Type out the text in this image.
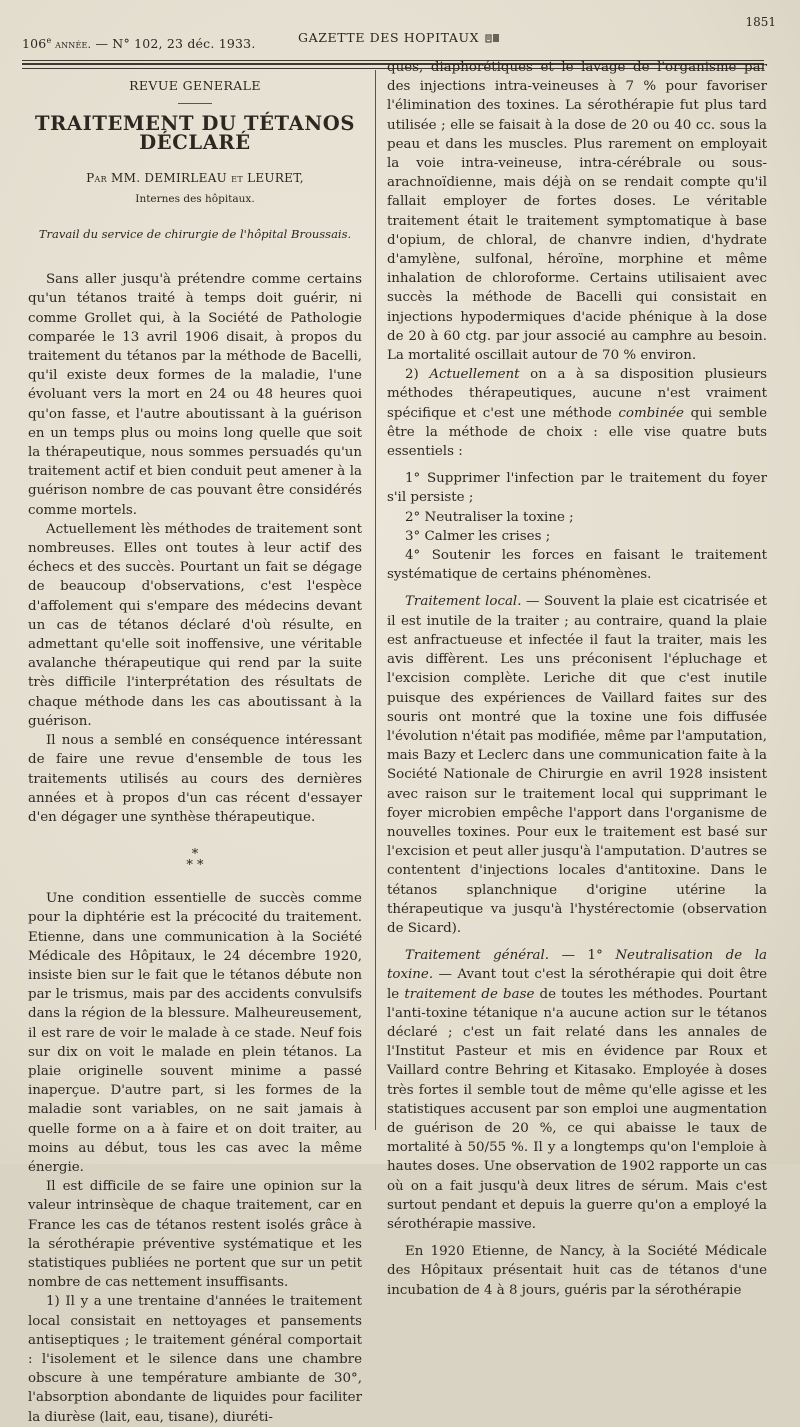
106e année. — N° 102, 23 déc. 1933.	GAZETTE DES HOPITAUX
1851
REVUE GENERALE
TRAITEMENT DU TÉTANOS DÉCLARÉ
Par MM. DEMIRLEAU et LEURET,
Internes des hôpitaux.
Travail du service de chirurgie de l'hôpital Broussais.

Sans aller jusqu'à prétendre comme certains qu'un tétanos traité à temps doit guérir, ni comme Grollet qui, à la Société de Pathologie comparée le 13 avril 1906 disait, à propos du traitement du tétanos par la méthode de Bacelli, qu'il existe deux formes de la maladie, l'une évoluant vers la mort en 24 ou 48 heures quoi qu'on fasse, et l'autre aboutissant à la guérison en un temps plus ou moins long quelle que soit la thérapeutique, nous sommes persuadés qu'un traitement actif et bien conduit peut amener à la guérison nombre de cas pouvant être considérés comme mortels.

Actuellement lès méthodes de traitement sont nombreuses. Elles ont toutes à leur actif des échecs et des succès. Pourtant un fait se dégage de beaucoup d'observations, c'est l'espèce d'affolement qui s'empare des médecins devant un cas de tétanos déclaré d'où résulte, en admettant qu'elle soit inoffensive, une véritable avalanche thérapeutique qui rend par la suite très difficile l'interprétation des résultats de chaque méthode dans les cas aboutissant à la guérison.

Il nous a semblé en conséquence intéressant de faire une revue d'ensemble de tous les traitements utilisés au cours des dernières années et à propos d'un cas récent d'essayer d'en dégager une synthèse thérapeutique.

*
* *

Une condition essentielle de succès comme pour la diphtérie est la précocité du traitement. Etienne, dans une communication à la Société Médicale des Hôpitaux, le 24 décembre 1920, insiste bien sur le fait que le tétanos débute non par le trismus, mais par des accidents convulsifs dans la région de la blessure. Malheureusement, il est rare de voir le malade à ce stade. Neuf fois sur dix on voit le malade en plein tétanos. La plaie originelle souvent minime a passé inaperçue. D'autre part, si les formes de la maladie sont variables, on ne sait jamais à quelle forme on a à faire et on doit traiter, au moins au début, tous les cas avec la même énergie.

Il est difficile de se faire une opinion sur la valeur intrinsèque de chaque traitement, car en France les cas de tétanos restent isolés grâce à la sérothérapie préventive systématique et les statistiques publiées ne portent que sur un petit nombre de cas nettement insuffisants.

1) Il y a une trentaine d'années le traitement local consistait en nettoyages et pansements antiseptiques ; le traitement général comportait : l'isolement et le silence dans une chambre obscure à une température ambiante de 30°, l'absorption abondante de liquides pour faciliter la diurèse (lait, eau, tisane), diuréti-

ques, diaphorétiques et le lavage de l'organisme par des injections intra-veineuses à 7 % pour favoriser l'élimination des toxines. La sérothérapie fut plus tard utilisée ; elle se faisait à la dose de 20 ou 40 cc. sous la peau et dans les muscles. Plus rarement on employait la voie intra-veineuse, intra-cérébrale ou sous-arachnoïdienne, mais déjà on se rendait compte qu'il fallait employer de fortes doses. Le véritable traitement était le traitement symptomatique à base d'opium, de chloral, de chanvre indien, d'hydrate d'amylène, sulfonal, héroïne, morphine et même inhalation de chloroforme. Certains utilisaient avec succès la méthode de Bacelli qui consistait en injections hypodermiques d'acide phénique à la dose de 20 à 60 ctg. par jour associé au camphre au besoin. La mortalité oscillait autour de 70 % environ.

2) Actuellement on a à sa disposition plusieurs méthodes thérapeutiques, aucune n'est vraiment spécifique et c'est une méthode combinée qui semble être la méthode de choix : elle vise quatre buts essentiels :

1° Supprimer l'infection par le traitement du foyer s'il persiste ;

2° Neutraliser la toxine ;

3° Calmer les crises ;

4° Soutenir les forces en faisant le traitement systématique de certains phénomènes.

Traitement local. — Souvent la plaie est cicatrisée et il est inutile de la traiter ; au contraire, quand la plaie est anfractueuse et infectée il faut la traiter, mais les avis diffèrent. Les uns préconisent l'épluchage et l'excision complète. Leriche dit que c'est inutile puisque des expériences de Vaillard faites sur des souris ont montré que la toxine une fois diffusée l'évolution n'était pas modifiée, même par l'amputation, mais Bazy et Leclerc dans une communication faite à la Société Nationale de Chirurgie en avril 1928 insistent avec raison sur le traitement local qui supprimant le foyer microbien empêche l'apport dans l'organisme de nouvelles toxines. Pour eux le traitement est basé sur l'excision et peut aller jusqu'à l'amputation. D'autres se contentent d'injections locales d'antitoxine. Dans le tétanos splanchnique d'origine utérine la thérapeutique va jusqu'à l'hystérectomie (observation de Sicard).

Traitement général. — 1° Neutralisation de la toxine. — Avant tout c'est la sérothérapie qui doit être le traitement de base de toutes les méthodes. Pourtant l'anti-toxine tétanique n'a aucune action sur le tétanos déclaré ; c'est un fait relaté dans les annales de l'Institut Pasteur et mis en évidence par Roux et Vaillard contre Behring et Kitasako. Employée à doses très fortes il semble tout de même qu'elle agisse et les statistiques accusent par son emploi une augmentation de guérison de 20 %, ce qui abaisse le taux de mortalité à 50/55 %. Il y a longtemps qu'on l'emploie à hautes doses. Une observation de 1902 rapporte un cas où on a fait jusqu'à deux litres de sérum. Mais c'est surtout pendant et depuis la guerre qu'on a employé la sérothérapie massive.

En 1920 Etienne, de Nancy, à la Société Médicale des Hôpitaux présentait huit cas de tétanos d'une incubation de 4 à 8 jours, guéris par la sérothérapie
